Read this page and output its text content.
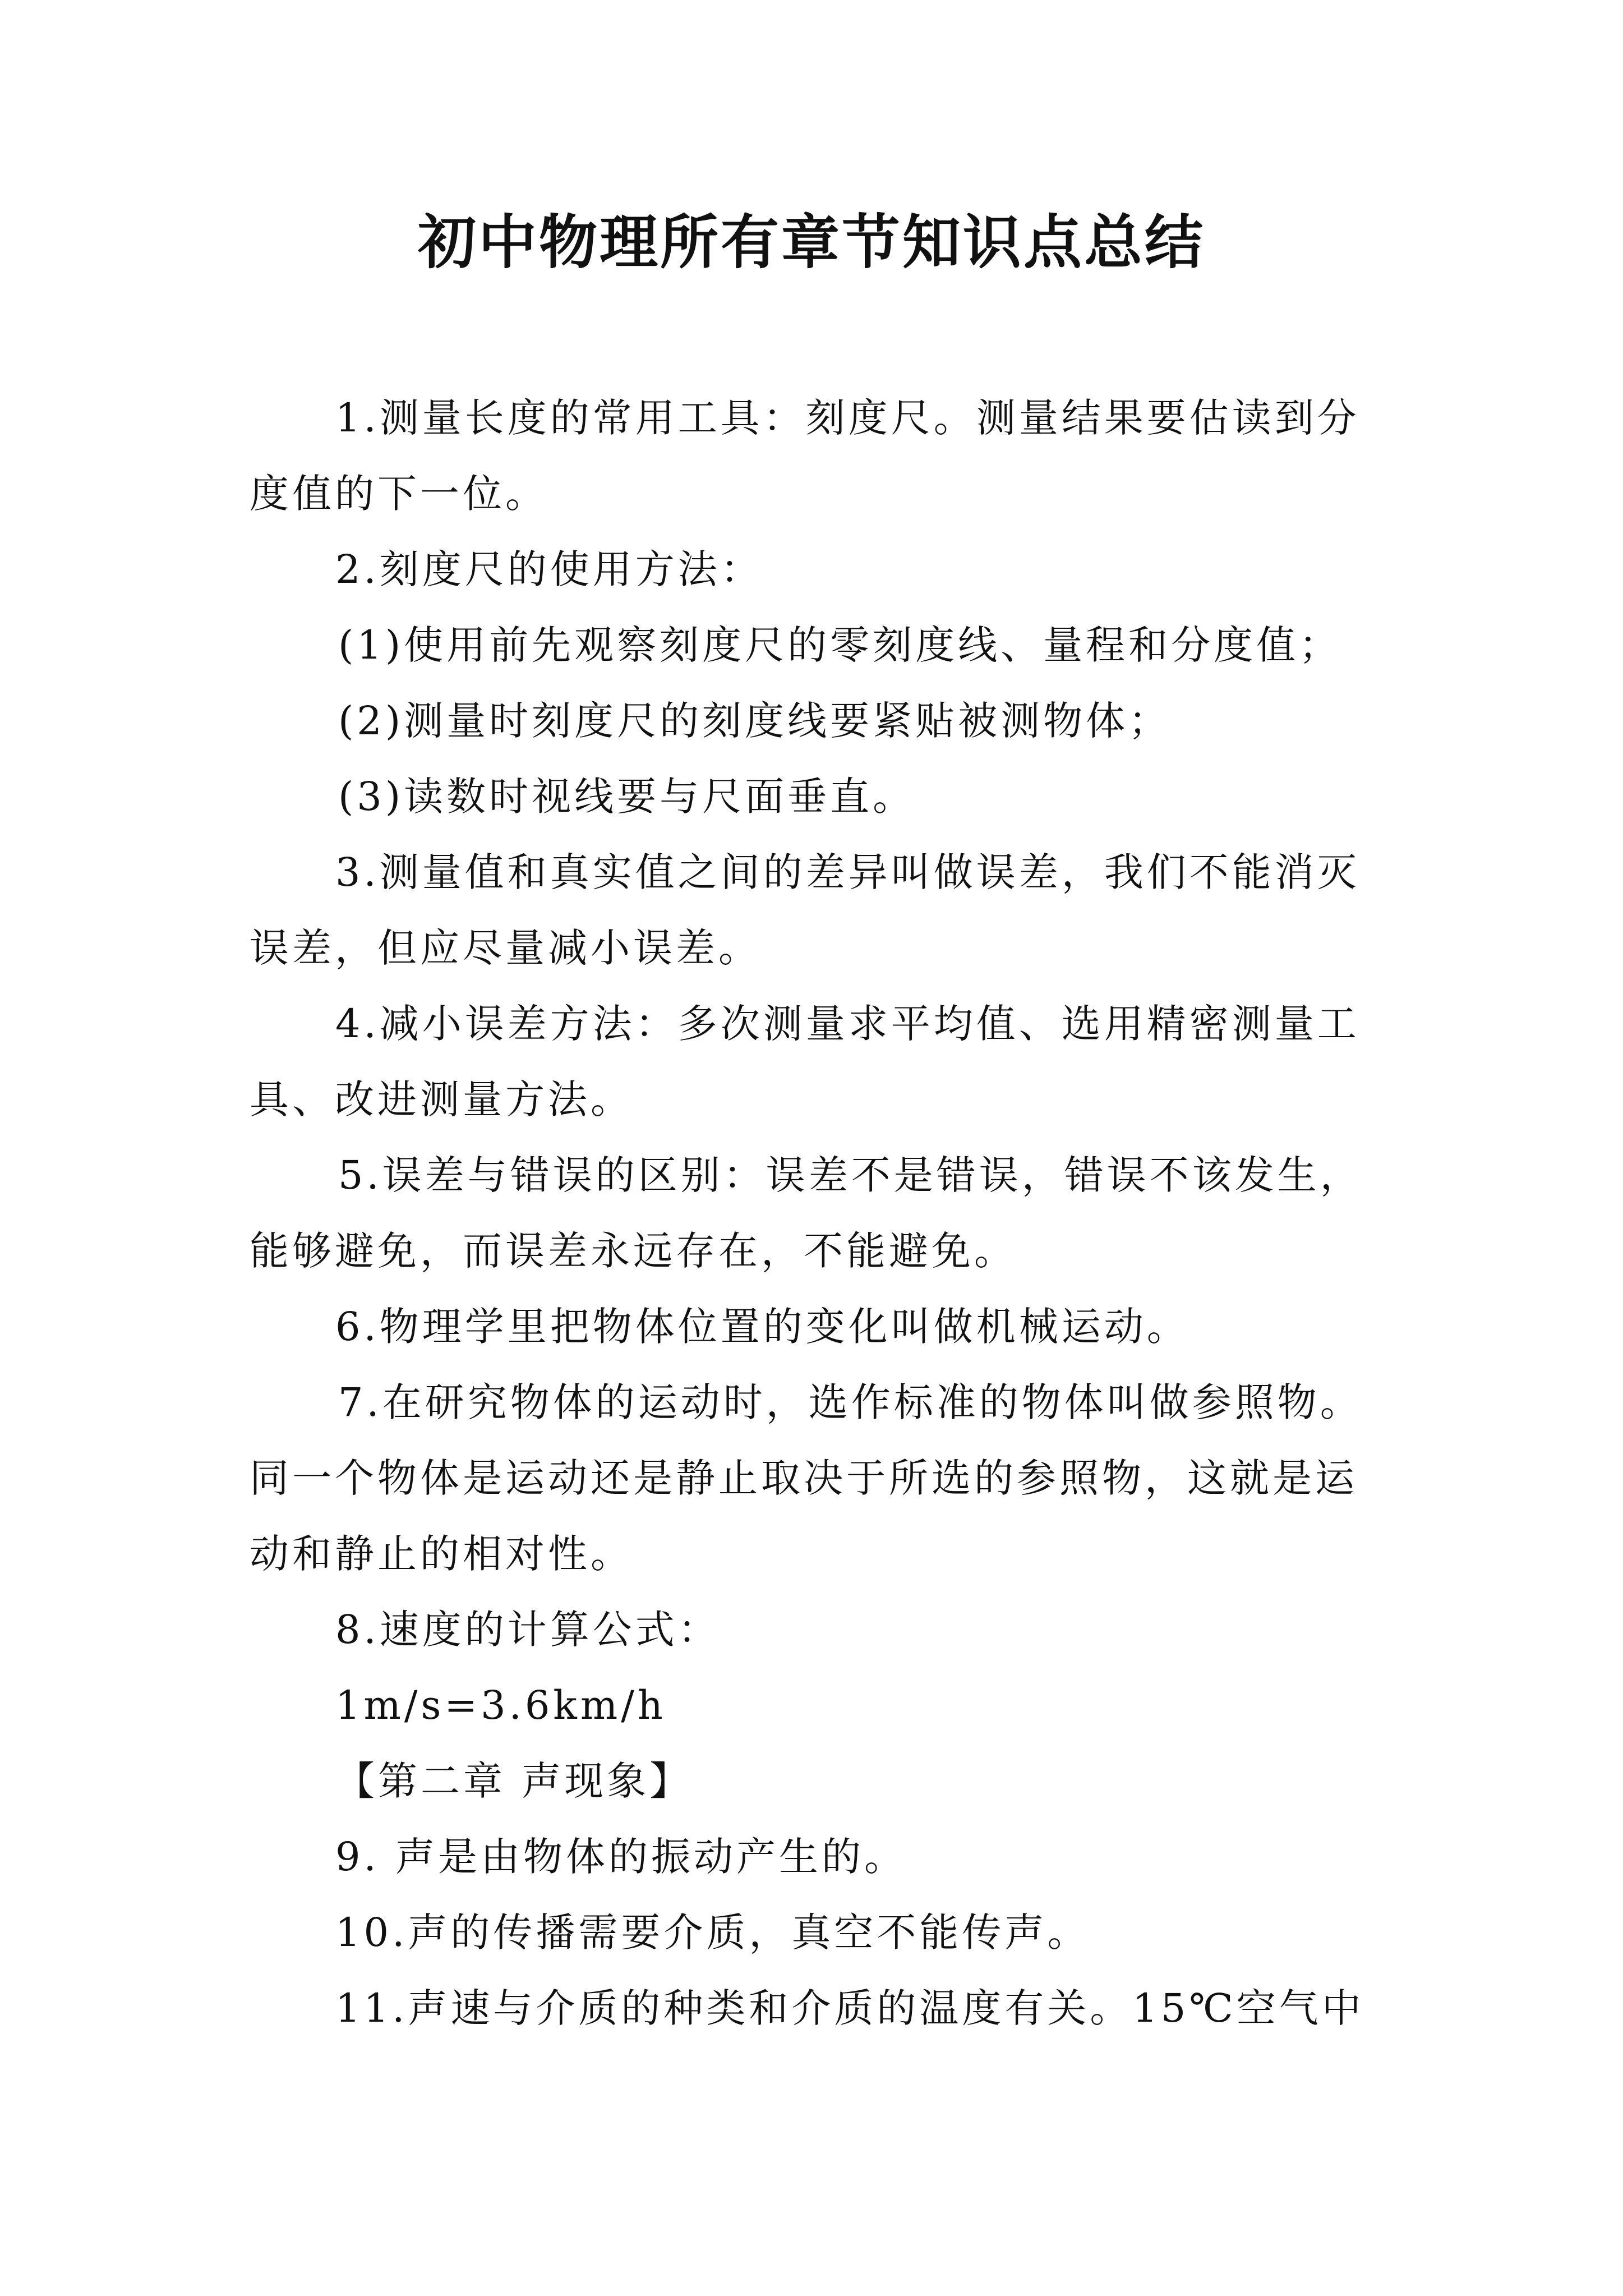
初中物理所有章节知识点总结
1.测量长度的常用工具：刻度尺。测量结果要估读到分
度值的下一位。
2.刻度尺的使用方法：
(1)使用前先观察刻度尺的零刻度线、量程和分度值；
(2)测量时刻度尺的刻度线要紧贴被测物体；
(3)读数时视线要与尺面垂直。
3.测量值和真实值之间的差异叫做误差，我们不能消灭
误差，但应尽量减小误差。
4.减小误差方法：多次测量求平均值、选用精密测量工
具、改进测量方法。
5.误差与错误的区别：误差不是错误，错误不该发生，
能够避免，而误差永远存在，不能避免。
6.物理学里把物体位置的变化叫做机械运动。
7.在研究物体的运动时，选作标准的物体叫做参照物。
同一个物体是运动还是静止取决于所选的参照物，这就是运
动和静止的相对性。
8.速度的计算公式：
1m/s=3.6km/h
【第二章 声现象】
9. 声是由物体的振动产生的。
10.声的传播需要介质，真空不能传声。
11.声速与介质的种类和介质的温度有关。15℃空气中
